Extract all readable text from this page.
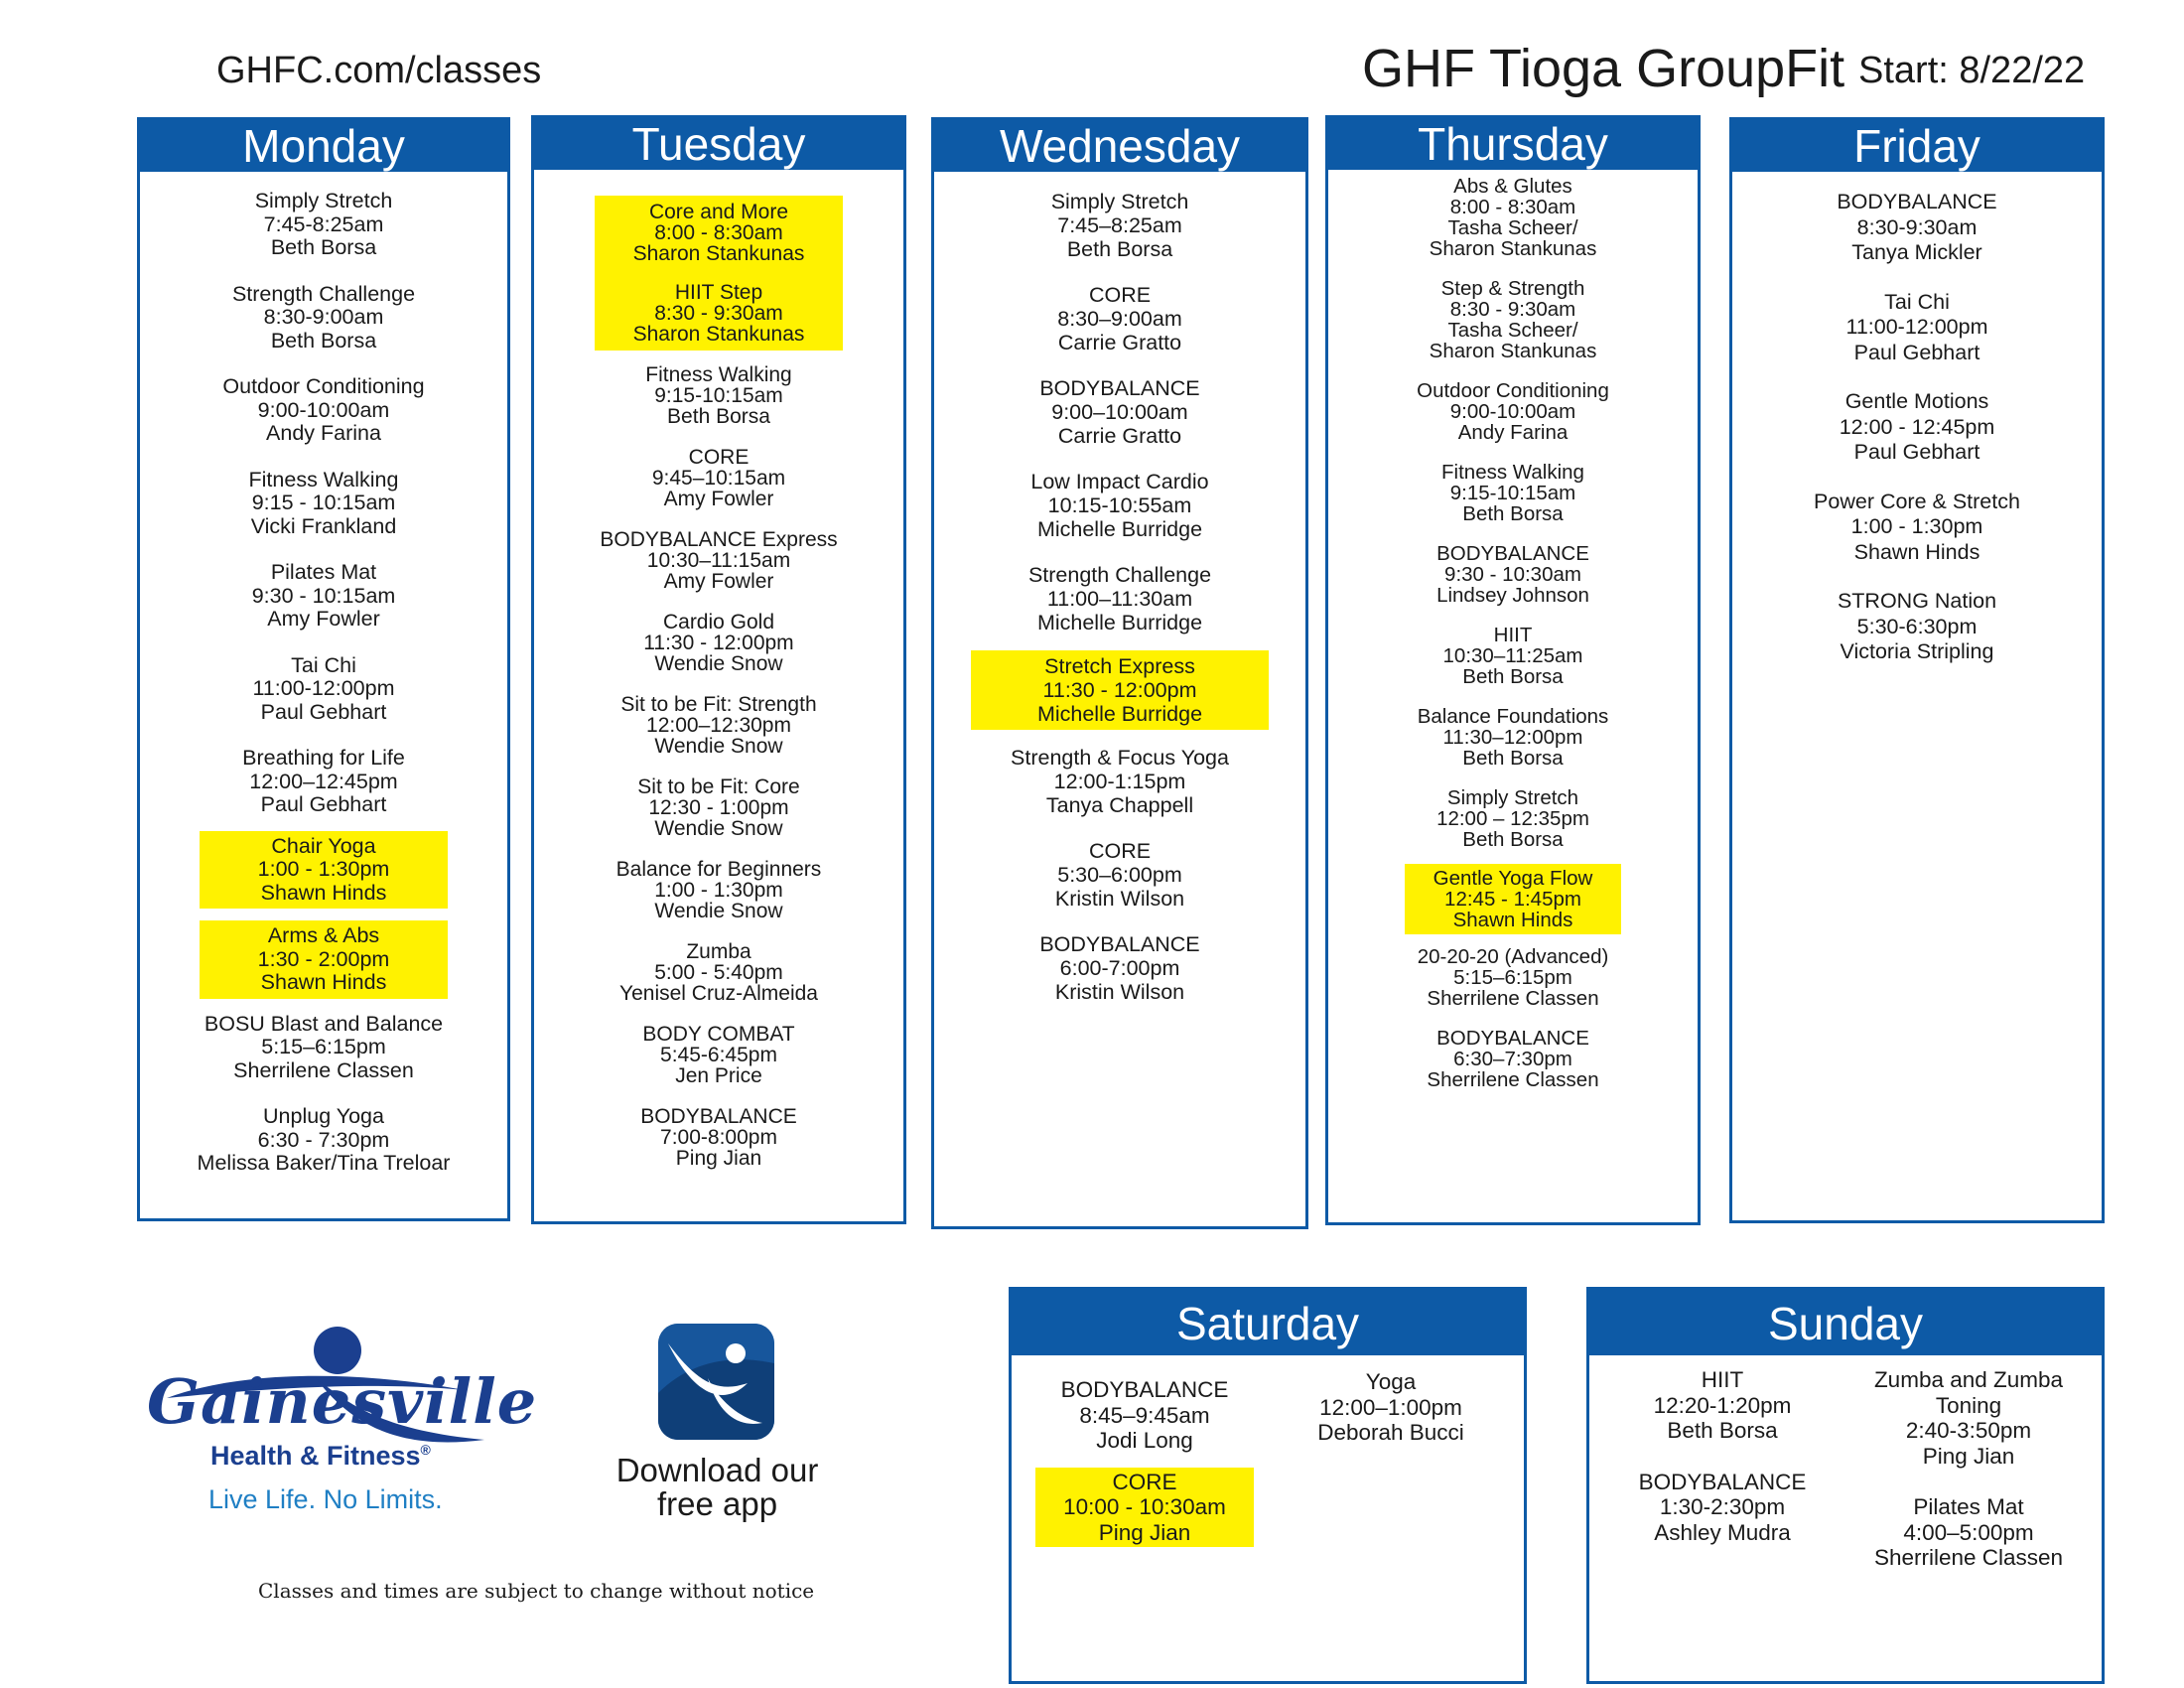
GHFC.com/classes	GHF Tioga GroupFit Start: 8/22/22
Monday
Simply Stretch
7:45-8:25am
Beth Borsa
Strength Challenge
8:30-9:00am
Beth Borsa
Outdoor Conditioning
9:00-10:00am
Andy Farina
Fitness Walking
9:15 - 10:15am
Vicki Frankland
Pilates Mat
9:30 - 10:15am
Amy Fowler
Tai Chi
11:00-12:00pm
Paul Gebhart
Breathing for Life
12:00–12:45pm
Paul Gebhart
Chair Yoga
1:00 - 1:30pm
Shawn Hinds
Arms & Abs
1:30 - 2:00pm
Shawn Hinds
BOSU Blast and Balance
5:15–6:15pm
Sherrilene Classen
Unplug Yoga
6:30 - 7:30pm
Melissa Baker/Tina Treloar
Tuesday
Core and More
8:00 - 8:30am
Sharon Stankunas
HIIT Step
8:30 - 9:30am
Sharon Stankunas
Fitness Walking
9:15-10:15am
Beth Borsa
CORE
9:45–10:15am
Amy Fowler
BODYBALANCE Express
10:30–11:15am
Amy Fowler
Cardio Gold
11:30 - 12:00pm
Wendie Snow
Sit to be Fit: Strength
12:00–12:30pm
Wendie Snow
Sit to be Fit: Core
12:30 - 1:00pm
Wendie Snow
Balance for Beginners
1:00 - 1:30pm
Wendie Snow
Zumba
5:00 - 5:40pm
Yenisel Cruz-Almeida
BODY COMBAT
5:45-6:45pm
Jen Price
BODYBALANCE
7:00-8:00pm
Ping Jian
Wednesday
Simply Stretch
7:45–8:25am
Beth Borsa
CORE
8:30–9:00am
Carrie Gratto
BODYBALANCE
9:00–10:00am
Carrie Gratto
Low Impact Cardio
10:15-10:55am
Michelle Burridge
Strength Challenge
11:00–11:30am
Michelle Burridge
Stretch Express
11:30 - 12:00pm
Michelle Burridge
Strength & Focus Yoga
12:00-1:15pm
Tanya Chappell
CORE
5:30–6:00pm
Kristin Wilson
BODYBALANCE
6:00-7:00pm
Kristin Wilson
Thursday
Abs & Glutes
8:00 - 8:30am
Tasha Scheer/
Sharon Stankunas
Step & Strength
8:30 - 9:30am
Tasha Scheer/
Sharon Stankunas
Outdoor Conditioning
9:00-10:00am
Andy Farina
Fitness Walking
9:15-10:15am
Beth Borsa
BODYBALANCE
9:30 - 10:30am
Lindsey Johnson
HIIT
10:30–11:25am
Beth Borsa
Balance Foundations
11:30–12:00pm
Beth Borsa
Simply Stretch
12:00 – 12:35pm
Beth Borsa
Gentle Yoga Flow
12:45 - 1:45pm
Shawn Hinds
20-20-20 (Advanced)
5:15–6:15pm
Sherrilene Classen
BODYBALANCE
6:30–7:30pm
Sherrilene Classen
Friday
BODYBALANCE
8:30-9:30am
Tanya Mickler
Tai Chi
11:00-12:00pm
Paul Gebhart
Gentle Motions
12:00 - 12:45pm
Paul Gebhart
Power Core & Stretch
1:00 - 1:30pm
Shawn Hinds
STRONG Nation
5:30-6:30pm
Victoria Stripling
Saturday
BODYBALANCE
8:45–9:45am
Jodi Long
CORE
10:00 - 10:30am
Ping Jian
Yoga
12:00–1:00pm
Deborah Bucci
Sunday
HIIT
12:20-1:20pm
Beth Borsa
BODYBALANCE
1:30-2:30pm
Ashley Mudra
Zumba and Zumba
Toning
2:40-3:50pm
Ping Jian
Pilates Mat
4:00–5:00pm
Sherrilene Classen
Gainesville
Health & Fitness®
Live Life. No Limits.
Download our
free app
Classes and times are subject to change without notice
